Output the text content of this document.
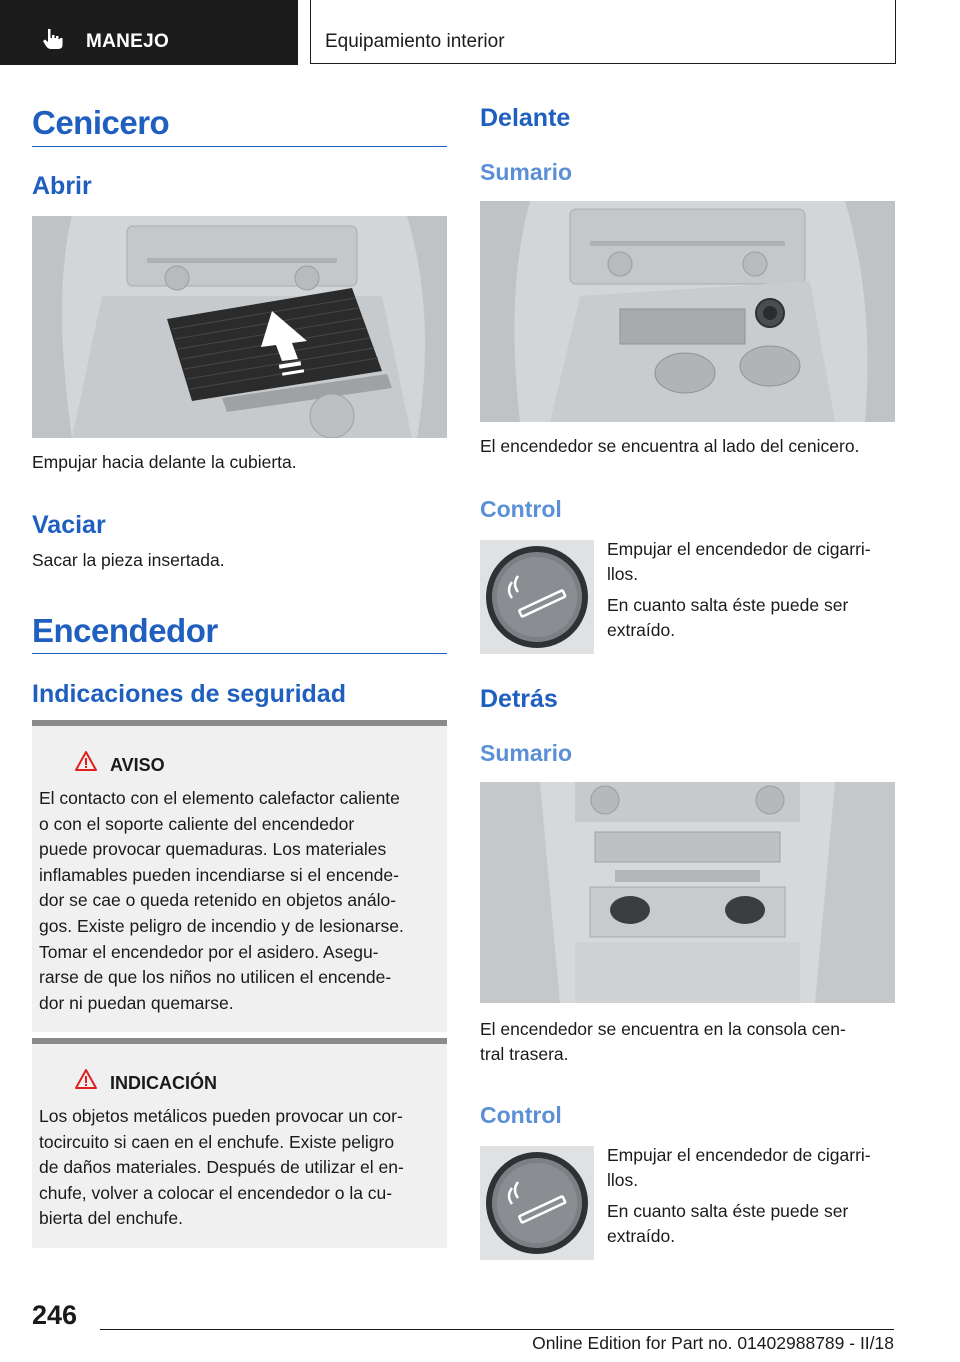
MANEJO	Equipamiento interior
Cenicero
Abrir
Empujar hacia delante la cubierta.
Vaciar
Sacar la pieza insertada.
Encendedor
Indicaciones de seguridad
AVISO
El contacto con el elemento calefactor caliente
o con el soporte caliente del encendedor
puede provocar quemaduras. Los materiales
inflamables pueden incendiarse si el encende-
dor se cae o queda retenido en objetos análo-
gos. Existe peligro de incendio y de lesionarse.
Tomar el encendedor por el asidero. Asegu-
rarse de que los niños no utilicen el encende-
dor ni puedan quemarse.
INDICACIÓN
Los objetos metálicos pueden provocar un cor-
tocircuito si caen en el enchufe. Existe peligro
de daños materiales. Después de utilizar el en-
chufe, volver a colocar el encendedor o la cu-
bierta del enchufe.
Delante
Sumario
El encendedor se encuentra al lado del cenicero.
Control
Empujar el encendedor de cigarri-
llos.
En cuanto salta éste puede ser
extraído.
Detrás
Sumario
El encendedor se encuentra en la consola cen-
tral trasera.
Control
Empujar el encendedor de cigarri-
llos.
En cuanto salta éste puede ser
extraído.
246
Online Edition for Part no. 01402988789 - II/18
